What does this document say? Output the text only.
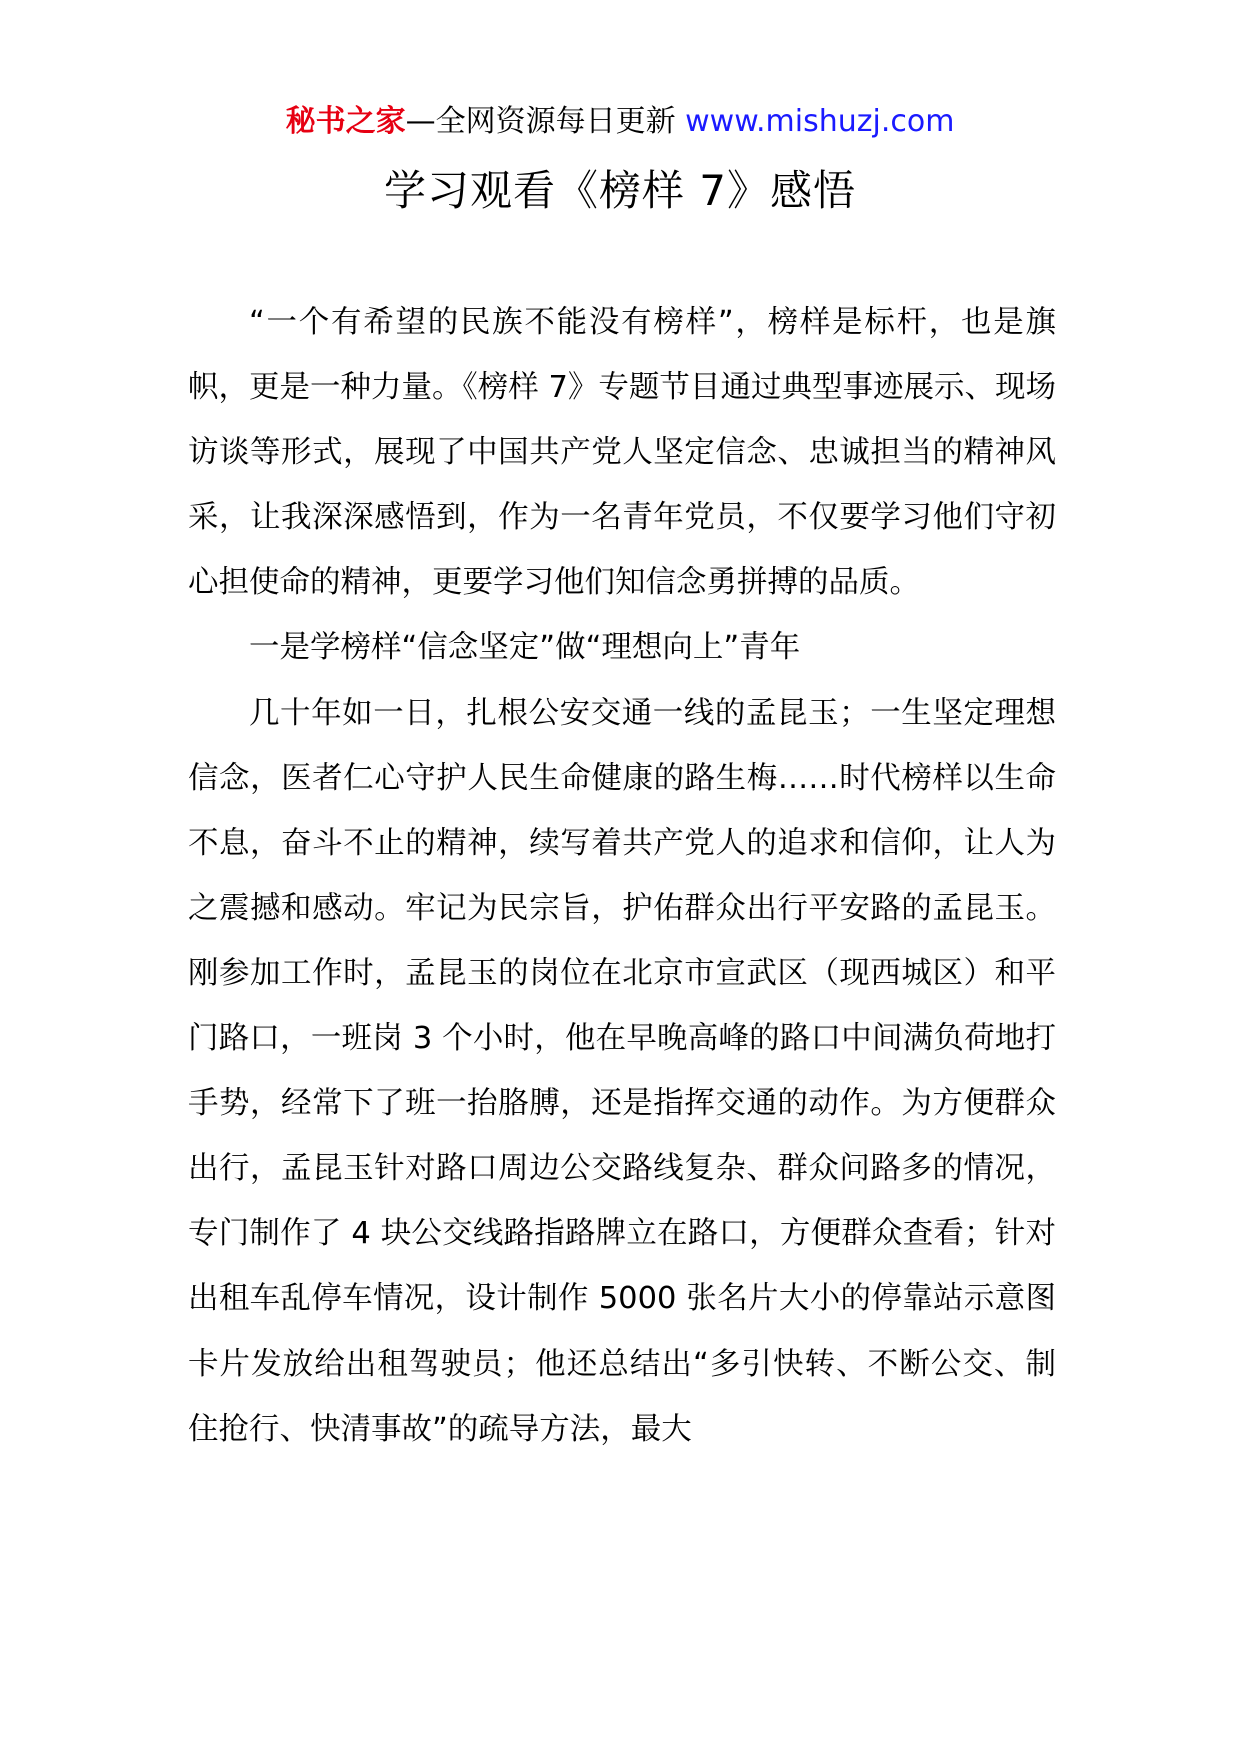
秘书之家—全网资源每日更新 www.mishuzj.com
学习观看《榜样 7》感悟

“一个有希望的民族不能没有榜样”，榜样是标杆，也是旗帜，更是一种力量。《榜样 7》专题节目通过典型事迹展示、现场访谈等形式，展现了中国共产党人坚定信念、忠诚担当的精神风采，让我深深感悟到，作为一名青年党员，不仅要学习他们守初心担使命的精神，更要学习他们知信念勇拼搏的品质。

一是学榜样“信念坚定”做“理想向上”青年

几十年如一日，扎根公安交通一线的孟昆玉；一生坚定理想信念，医者仁心守护人民生命健康的路生梅……时代榜样以生命不息，奋斗不止的精神，续写着共产党人的追求和信仰，让人为之震撼和感动。牢记为民宗旨，护佑群众出行平安路的孟昆玉。刚参加工作时，孟昆玉的岗位在北京市宣武区（现西城区）和平门路口，一班岗 3 个小时，他在早晚高峰的路口中间满负荷地打手势，经常下了班一抬胳膊，还是指挥交通的动作。为方便群众出行，孟昆玉针对路口周边公交路线复杂、群众问路多的情况，专门制作了 4 块公交线路指路牌立在路口，方便群众查看；针对出租车乱停车情况，设计制作 5000 张名片大小的停靠站示意图卡片发放给出租驾驶员；他还总结出“多引快转、不断公交、制住抢行、快清事故”的疏导方法，最大
